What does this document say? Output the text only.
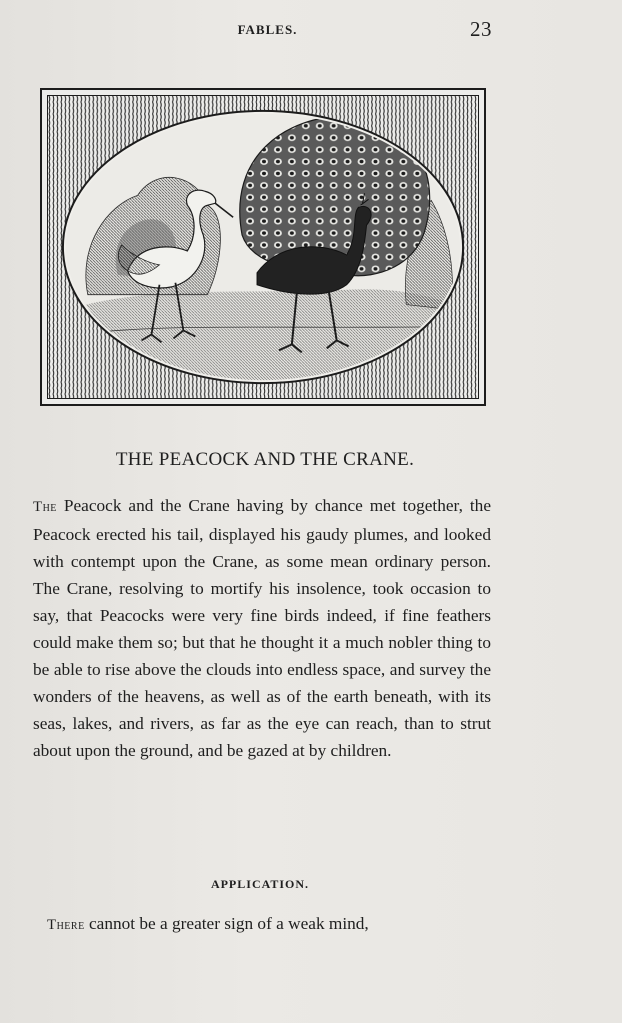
FABLES.	23
THE PEACOCK AND THE CRANE.

The Peacock and the Crane having by chance met together, the Peacock erected his tail, displayed his gaudy plumes, and looked with contempt upon the Crane, as some mean ordinary person. The Crane, resolving to mortify his insolence, took occasion to say, that Peacocks were very fine birds indeed, if fine feathers could make them so; but that he thought it a much nobler thing to be able to rise above the clouds into endless space, and survey the wonders of the heavens, as well as of the earth beneath, with its seas, lakes, and rivers, as far as the eye can reach, than to strut about upon the ground, and be gazed at by children.

APPLICATION.

There cannot be a greater sign of a weak mind,
